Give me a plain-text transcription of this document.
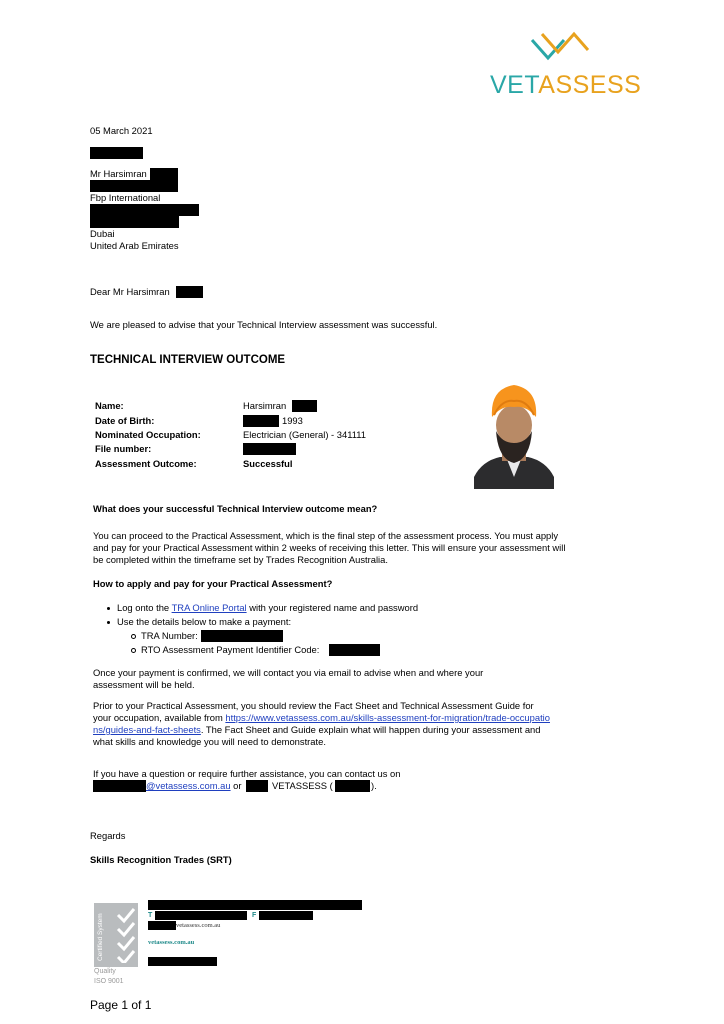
VETASSESS
05 March 2021
Mr Harsimran
Fbp International
Dubai
United Arab Emirates
Dear Mr Harsimran
We are pleased to advise that your Technical Interview assessment was successful.
TECHNICAL INTERVIEW OUTCOME
Name:	Harsimran
Date of Birth:	1993
Nominated Occupation:	Electrician (General) - 341111
File number:
Assessment Outcome:	Successful
What does your successful Technical Interview outcome mean?
You can proceed to the Practical Assessment, which is the final step of the assessment process. You must apply and pay for your Practical Assessment within 2 weeks of receiving this letter. This will ensure your assessment will be completed within the timeframe set by Trades Recognition Australia.
How to apply and pay for your Practical Assessment?
Log onto the TRA Online Portal with your registered name and password
Use the details below to make a payment:
TRA Number:
RTO Assessment Payment Identifier Code:
Once your payment is confirmed, we will contact you via email to advise when and where your assessment will be held.
Prior to your Practical Assessment, you should review the Fact Sheet and Technical Assessment Guide for your occupation, available from https://www.vetassess.com.au/skills-assessment-for-migration/trade-occupations/guides-and-fact-sheets. The Fact Sheet and Guide explain what will happen during your assessment and what skills and knowledge you will need to demonstrate.
If you have a question or require further assistance, you can contact us on
@vetassess.com.au or	VETASSESS (	).
Regards
Skills Recognition Trades (SRT)
Certified System
Quality
ISO 9001
T	F
vetassess.com.au
vetassess.com.au
Page 1 of 1
